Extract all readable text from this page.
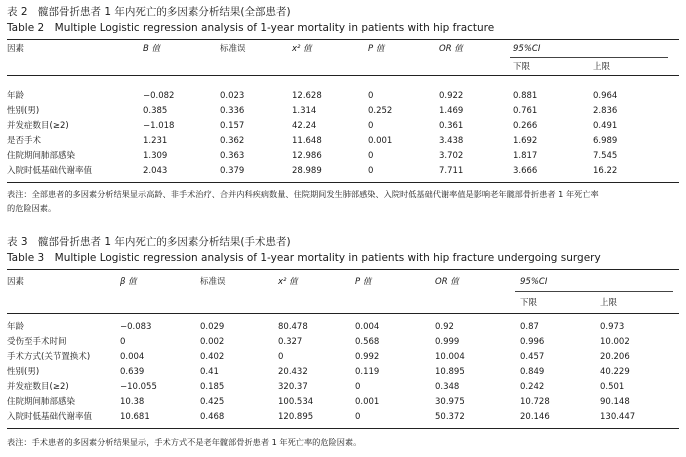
表 2　髋部骨折患者 1 年内死亡的多因素分析结果(全部患者)
Table 2　Multiple Logistic regression analysis of 1-year mortality in patients with hip fracture
因素	B 值	标准误	x² 值	P 值	OR 值	95%CI
下限	上限
年龄	−0.082	0.023	12.628	0	0.922	0.881	0.964
性别(男)	0.385	0.336	1.314	0.252	1.469	0.761	2.836
并发症数目(≥2)	−1.018	0.157	42.24	0	0.361	0.266	0.491
是否手术	1.231	0.362	11.648	0.001	3.438	1.692	6.989
住院期间肺部感染	1.309	0.363	12.986	0	3.702	1.817	7.545
入院时低基础代谢率值	2.043	0.379	28.989	0	7.711	3.666	16.22
表注：全部患者的多因素分析结果显示高龄、非手术治疗、合并内科疾病数量、住院期间发生肺部感染、入院时低基础代谢率值是影响老年髋部骨折患者 1 年死亡率
的危险因素。
表 3　髋部骨折患者 1 年内死亡的多因素分析结果(手术患者)
Table 3　Multiple Logistic regression analysis of 1-year mortality in patients with hip fracture undergoing surgery
因素	β 值	标准误	x² 值	P 值	OR 值	95%CI
下限	上限
年龄	−0.083	0.029	80.478	0.004	0.92	0.87	0.973
受伤至手术时间	0	0.002	0.327	0.568	0.999	0.996	10.002
手术方式(关节置换术)	0.004	0.402	0	0.992	10.004	0.457	20.206
性别(男)	0.639	0.41	20.432	0.119	10.895	0.849	40.229
并发症数目(≥2)	−10.055	0.185	320.37	0	0.348	0.242	0.501
住院期间肺部感染	10.38	0.425	100.534	0.001	30.975	10.728	90.148
入院时低基础代谢率值	10.681	0.468	120.895	0	50.372	20.146	130.447
表注：手术患者的多因素分析结果显示，手术方式不是老年髋部骨折患者 1 年死亡率的危险因素。
